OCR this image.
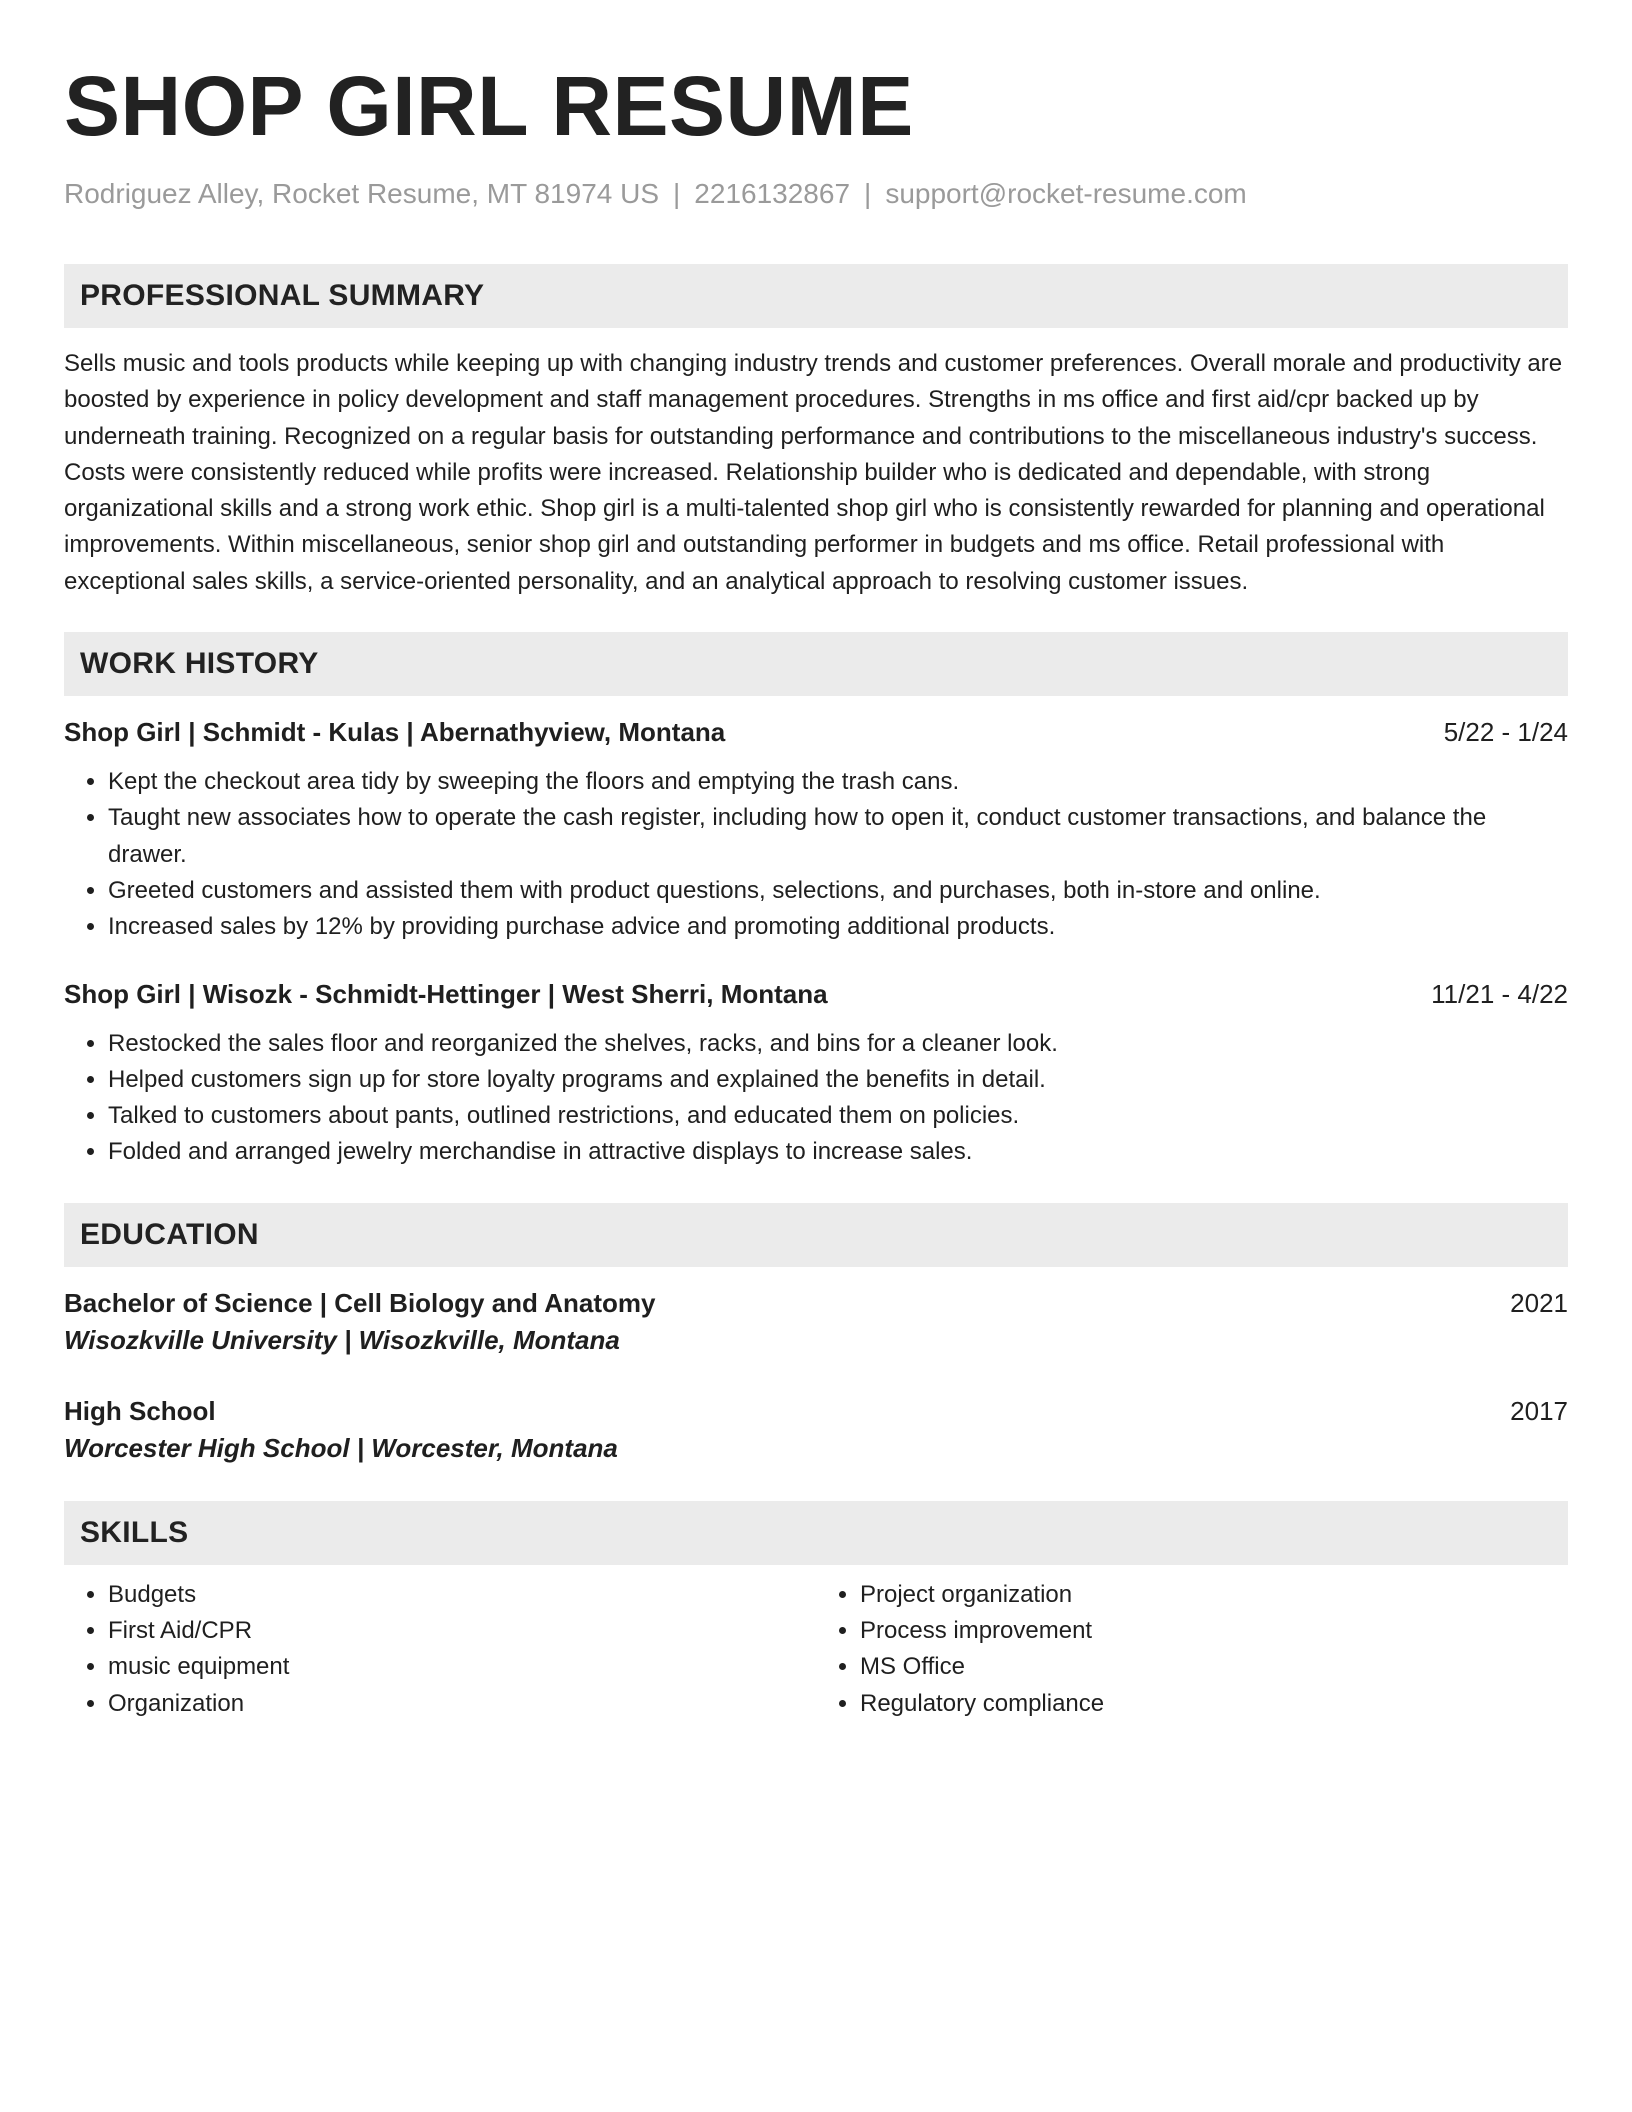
SHOP GIRL RESUME
Rodriguez Alley, Rocket Resume, MT 81974 US | 2216132867 | support@rocket-resume.com
PROFESSIONAL SUMMARY

Sells music and tools products while keeping up with changing industry trends and customer preferences. Overall morale and productivity are boosted by experience in policy development and staff management procedures. Strengths in ms office and first aid/cpr backed up by underneath training. Recognized on a regular basis for outstanding performance and contributions to the miscellaneous industry's success. Costs were consistently reduced while profits were increased. Relationship builder who is dedicated and dependable, with strong organizational skills and a strong work ethic. Shop girl is a multi-talented shop girl who is consistently rewarded for planning and operational improvements. Within miscellaneous, senior shop girl and outstanding performer in budgets and ms office. Retail professional with exceptional sales skills, a service-oriented personality, and an analytical approach to resolving customer issues.

WORK HISTORY
Shop Girl | Schmidt - Kulas | Abernathyview, Montana	5/22 - 1/24
• Kept the checkout area tidy by sweeping the floors and emptying the trash cans.
• Taught new associates how to operate the cash register, including how to open it, conduct customer transactions, and balance the drawer.
• Greeted customers and assisted them with product questions, selections, and purchases, both in-store and online.
• Increased sales by 12% by providing purchase advice and promoting additional products.
Shop Girl | Wisozk - Schmidt-Hettinger | West Sherri, Montana	11/21 - 4/22
• Restocked the sales floor and reorganized the shelves, racks, and bins for a cleaner look.
• Helped customers sign up for store loyalty programs and explained the benefits in detail.
• Talked to customers about pants, outlined restrictions, and educated them on policies.
• Folded and arranged jewelry merchandise in attractive displays to increase sales.
EDUCATION
Bachelor of Science | Cell Biology and Anatomy	2021
Wisozkville University | Wisozkville, Montana
High School	2017
Worcester High School | Worcester, Montana
SKILLS
• Budgets
• First Aid/CPR
• music equipment
• Organization
• Project organization
• Process improvement
• MS Office
• Regulatory compliance
